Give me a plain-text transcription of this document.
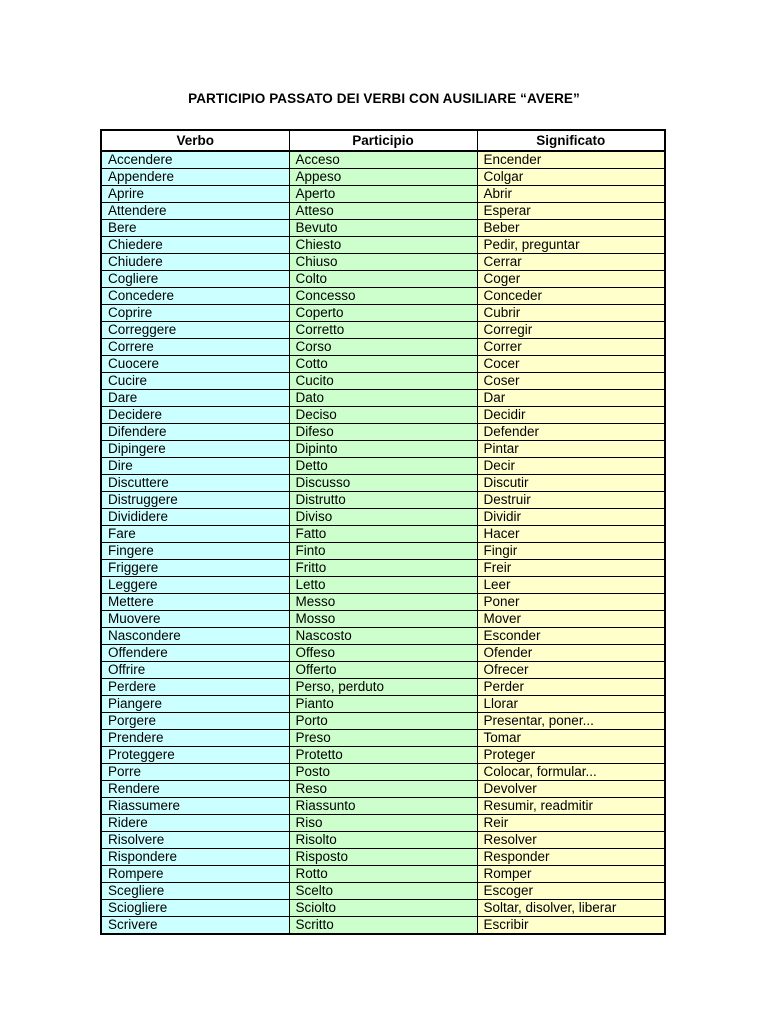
PARTICIPIO PASSATO DEI VERBI CON AUSILIARE “AVERE”
Verbo	Participio	Significato
Accendere	Acceso	Encender
Appendere	Appeso	Colgar
Aprire	Aperto	Abrir
Attendere	Atteso	Esperar
Bere	Bevuto	Beber
Chiedere	Chiesto	Pedir, preguntar
Chiudere	Chiuso	Cerrar
Cogliere	Colto	Coger
Concedere	Concesso	Conceder
Coprire	Coperto	Cubrir
Correggere	Corretto	Corregir
Correre	Corso	Correr
Cuocere	Cotto	Cocer
Cucire	Cucito	Coser
Dare	Dato	Dar
Decidere	Deciso	Decidir
Difendere	Difeso	Defender
Dipingere	Dipinto	Pintar
Dire	Detto	Decir
Discuttere	Discusso	Discutir
Distruggere	Distrutto	Destruir
Divididere	Diviso	Dividir
Fare	Fatto	Hacer
Fingere	Finto	Fingir
Friggere	Fritto	Freir
Leggere	Letto	Leer
Mettere	Messo	Poner
Muovere	Mosso	Mover
Nascondere	Nascosto	Esconder
Offendere	Offeso	Ofender
Offrire	Offerto	Ofrecer
Perdere	Perso, perduto	Perder
Piangere	Pianto	Llorar
Porgere	Porto	Presentar, poner...
Prendere	Preso	Tomar
Proteggere	Protetto	Proteger
Porre	Posto	Colocar, formular...
Rendere	Reso	Devolver
Riassumere	Riassunto	Resumir, readmitir
Ridere	Riso	Reir
Risolvere	Risolto	Resolver
Rispondere	Risposto	Responder
Rompere	Rotto	Romper
Scegliere	Scelto	Escoger
Sciogliere	Sciolto	Soltar, disolver, liberar
Scrivere	Scritto	Escribir
